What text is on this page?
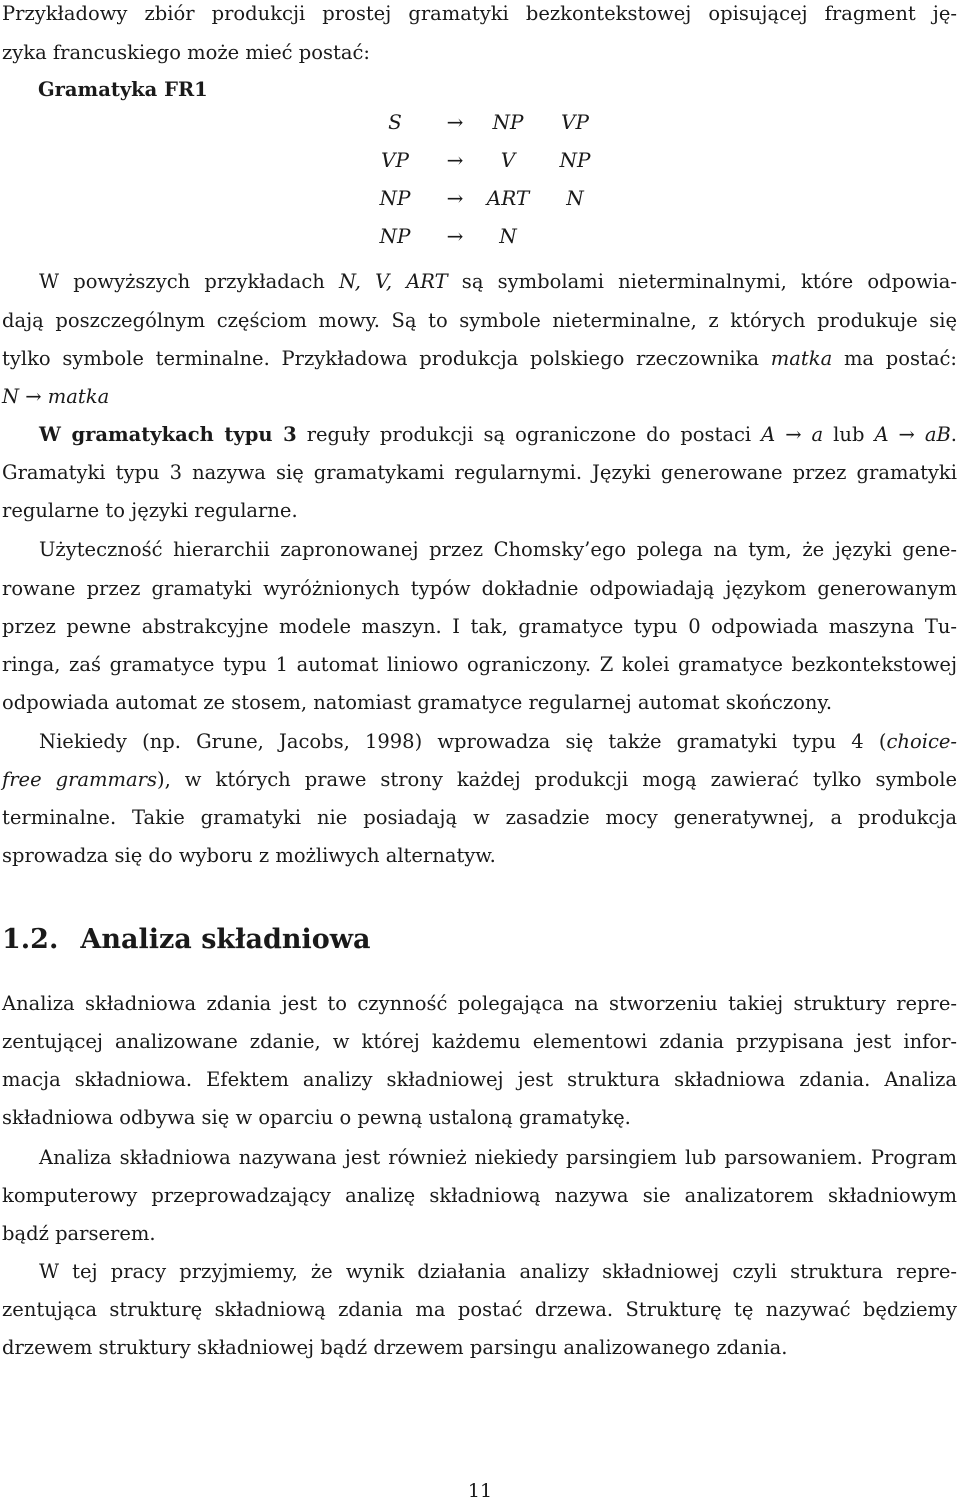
Przykładowy zbiór produkcji prostej gramatyki bezkontekstowej opisującej fragment ję-
zyka francuskiego może mieć postać:
Gramatyka FR1
S	→	NP	VP
VP	→	V	NP
NP	→	ART	N
NP	→	N
W powyższych przykładach N, V, ART są symbolami nieterminalnymi, które odpowia-
dają poszczególnym częściom mowy. Są to symbole nieterminalne, z których produkuje się
tylko symbole terminalne. Przykładowa produkcja polskiego rzeczownika matka ma postać:
N → matka
W gramatykach typu 3 reguły produkcji są ograniczone do postaci A → a lub A → aB.
Gramatyki typu 3 nazywa się gramatykami regularnymi. Języki generowane przez gramatyki
regularne to języki regularne.
Użyteczność hierarchii zapronowanej przez Chomsky’ego polega na tym, że języki gene-
rowane przez gramatyki wyróżnionych typów dokładnie odpowiadają językom generowanym
przez pewne abstrakcyjne modele maszyn. I tak, gramatyce typu 0 odpowiada maszyna Tu-
ringa, zaś gramatyce typu 1 automat liniowo ograniczony. Z kolei gramatyce bezkontekstowej
odpowiada automat ze stosem, natomiast gramatyce regularnej automat skończony.
Niekiedy (np. Grune, Jacobs, 1998) wprowadza się także gramatyki typu 4 (choice-
free grammars), w których prawe strony każdej produkcji mogą zawierać tylko symbole
terminalne. Takie gramatyki nie posiadają w zasadzie mocy generatywnej, a produkcja
sprowadza się do wyboru z możliwych alternatyw.
1.2. Analiza składniowa
Analiza składniowa zdania jest to czynność polegająca na stworzeniu takiej struktury repre-
zentującej analizowane zdanie, w której każdemu elementowi zdania przypisana jest infor-
macja składniowa. Efektem analizy składniowej jest struktura składniowa zdania. Analiza
składniowa odbywa się w oparciu o pewną ustaloną gramatykę.
Analiza składniowa nazywana jest również niekiedy parsingiem lub parsowaniem. Program
komputerowy przeprowadzający analizę składniową nazywa sie analizatorem składniowym
bądź parserem.
W tej pracy przyjmiemy, że wynik działania analizy składniowej czyli struktura repre-
zentująca strukturę składniową zdania ma postać drzewa. Strukturę tę nazywać będziemy
drzewem struktury składniowej bądź drzewem parsingu analizowanego zdania.
11
